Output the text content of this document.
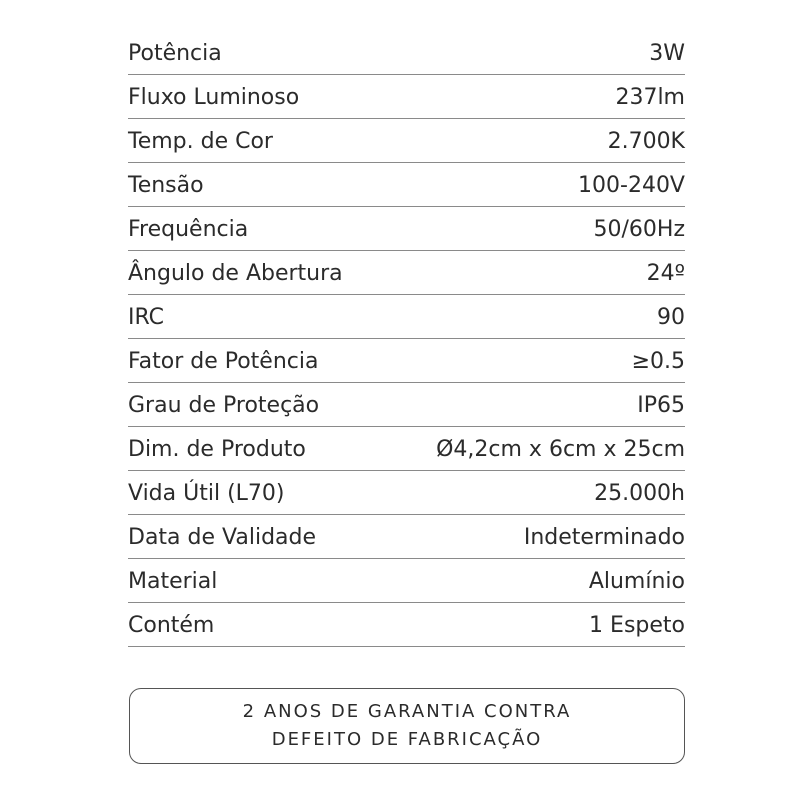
Potência	3W
Fluxo Luminoso	237lm
Temp. de Cor	2.700K
Tensão	100-240V
Frequência	50/60Hz
Ângulo de Abertura	24º
IRC	90
Fator de Potência	≥0.5
Grau de Proteção	IP65
Dim. de Produto	Ø4,2cm x 6cm x 25cm
Vida Útil (L70)	25.000h
Data de Validade	Indeterminado
Material	Alumínio
Contém	1 Espeto
2 ANOS DE GARANTIA CONTRA
DEFEITO DE FABRICAÇÃO
